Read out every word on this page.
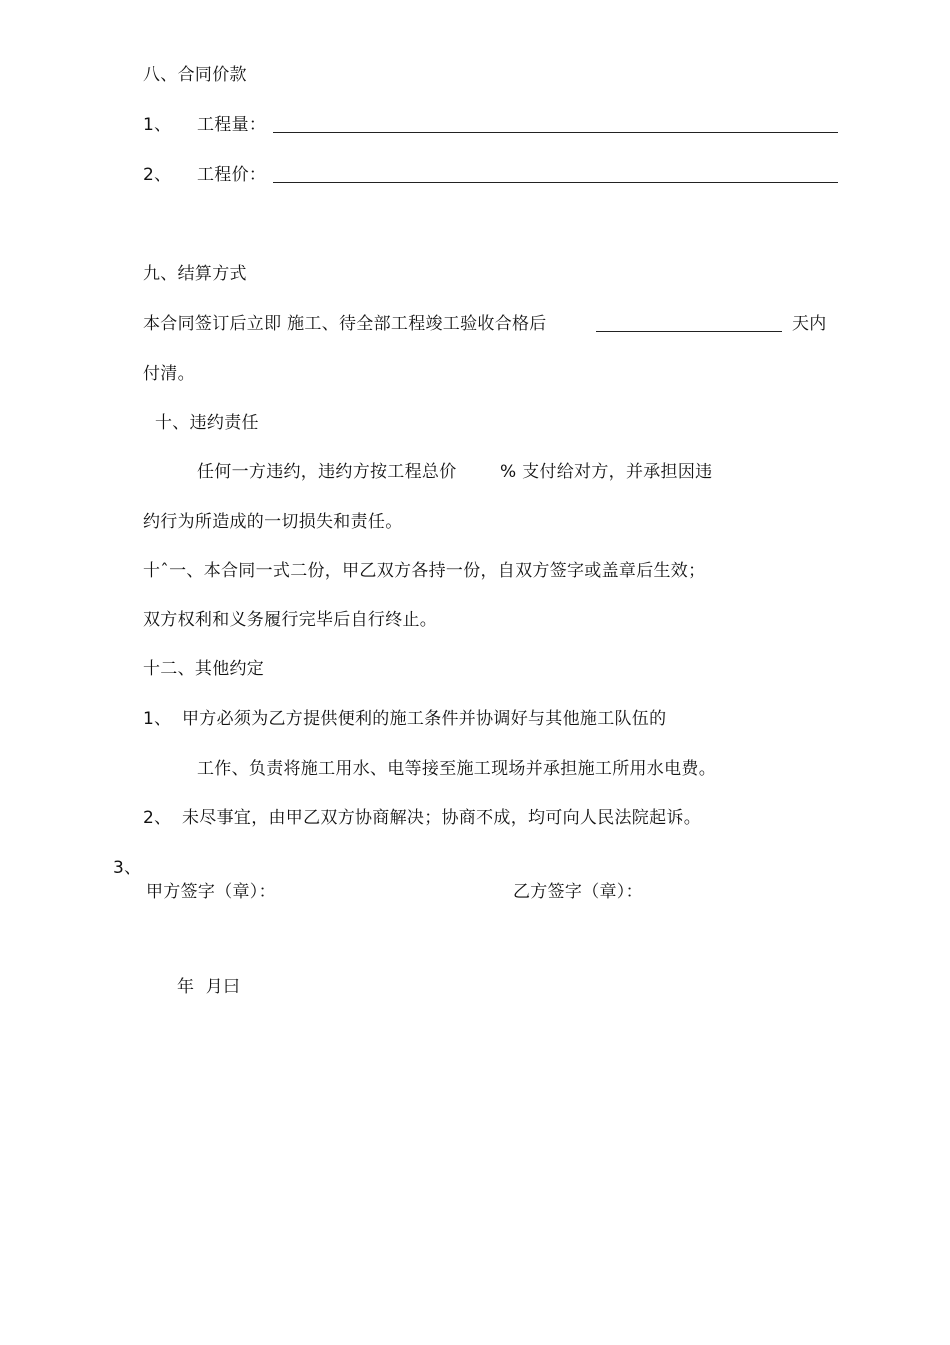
八、合同价款
1、 工程量：
2、 工程价：
九、结算方式
本合同签订后立即 施工、待全部工程竣工验收合格后	天内
付清。
十、违约责任
任何一方违约，违约方按工程总价	% 支付给对方，并承担因违
约行为所造成的一切损失和责任。
十ˆ一、本合同一式二份，甲乙双方各持一份，自双方签字或盖章后生效；
双方权利和义务履行完毕后自行终止。
十二、其他约定
1、 甲方必须为乙方提供便利的施工条件并协调好与其他施工队伍的
工作、负责将施工用水、电等接至施工现场并承担施工所用水电费。
2、 未尽事宜，由甲乙双方协商解决；协商不成，均可向人民法院起诉。
3、
甲方签字（章）：	乙方签字（章）：
年  月曰
